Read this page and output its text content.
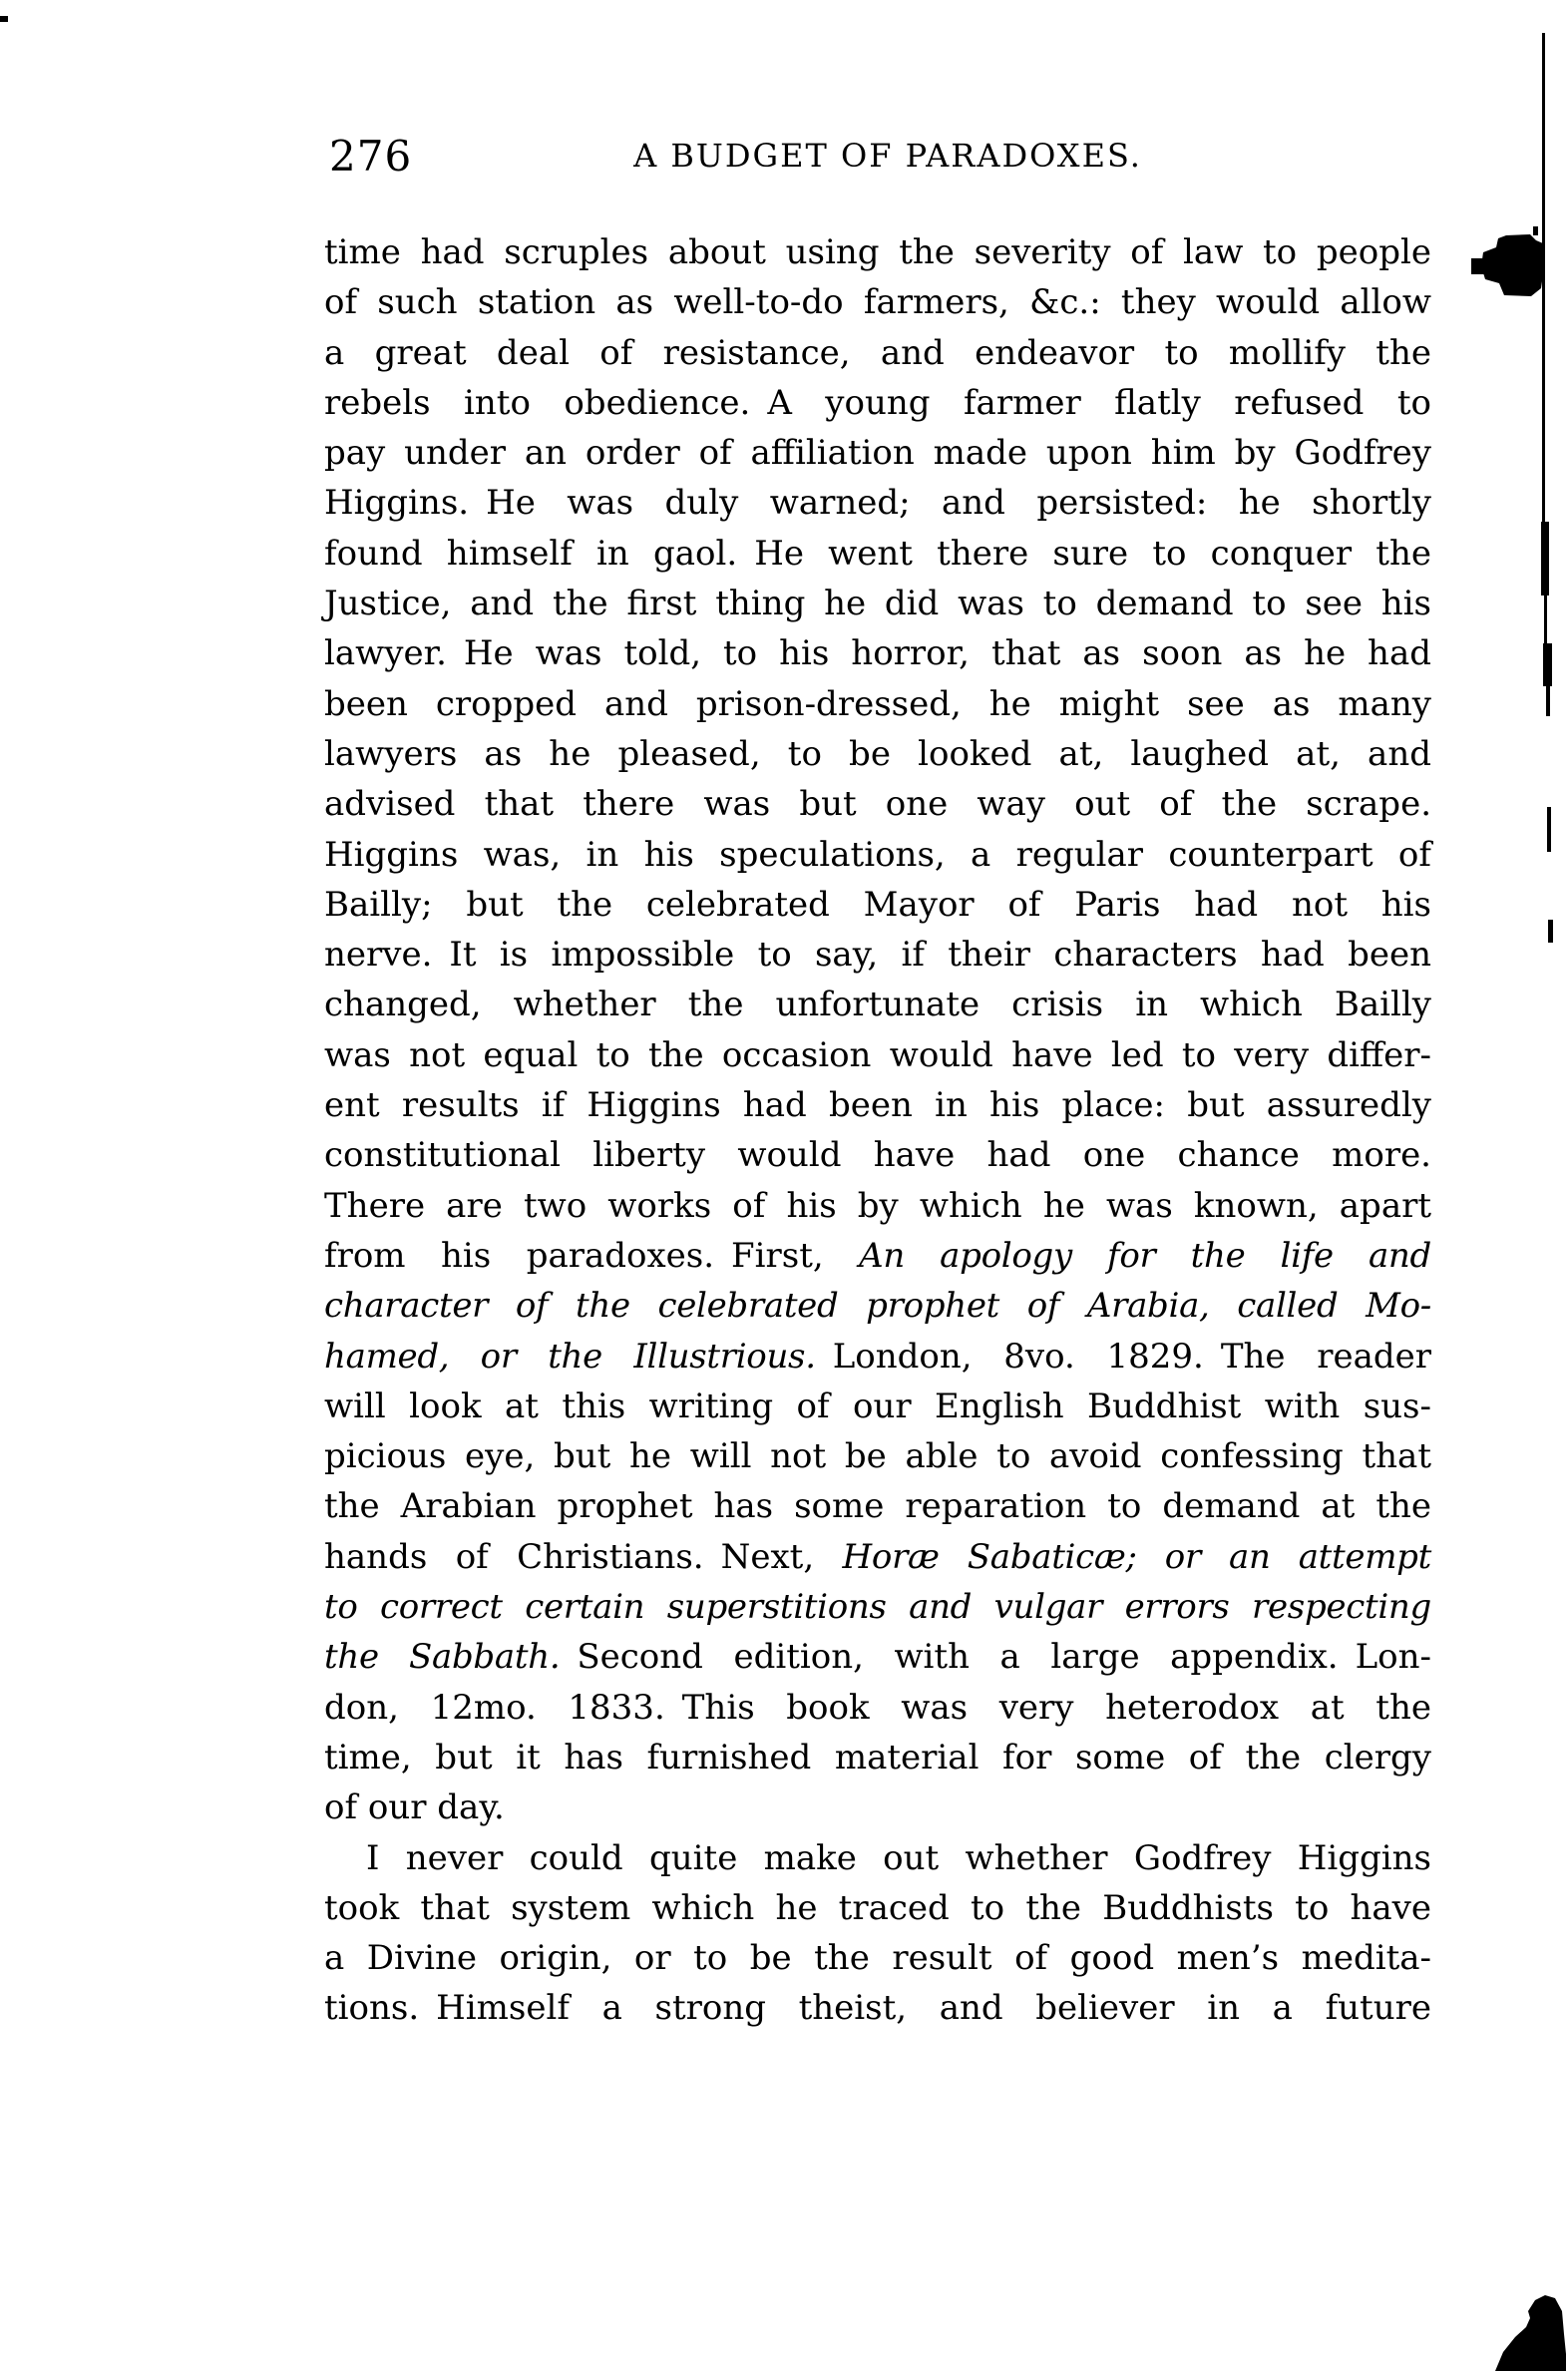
276	A BUDGET OF PARADOXES.
time had scruples about using the severity of law to people
of such station as well-to-do farmers, &c.: they would allow
a great deal of resistance, and endeavor to mollify the
rebels into obedience. A young farmer flatly refused to
pay under an order of affiliation made upon him by Godfrey
Higgins. He was duly warned; and persisted: he shortly
found himself in gaol. He went there sure to conquer the
Justice, and the first thing he did was to demand to see his
lawyer. He was told, to his horror, that as soon as he had
been cropped and prison-dressed, he might see as many
lawyers as he pleased, to be looked at, laughed at, and
advised that there was but one way out of the scrape.
Higgins was, in his speculations, a regular counterpart of
Bailly; but the celebrated Mayor of Paris had not his
nerve. It is impossible to say, if their characters had been
changed, whether the unfortunate crisis in which Bailly
was not equal to the occasion would have led to very differ-
ent results if Higgins had been in his place: but assuredly
constitutional liberty would have had one chance more.
There are two works of his by which he was known, apart
from his paradoxes. First, An apology for the life and
character of the celebrated prophet of Arabia, called Mo-
hamed, or the Illustrious. London, 8vo. 1829. The reader
will look at this writing of our English Buddhist with sus-
picious eye, but he will not be able to avoid confessing that
the Arabian prophet has some reparation to demand at the
hands of Christians. Next, Horæ Sabaticæ; or an attempt
to correct certain superstitions and vulgar errors respecting
the Sabbath. Second edition, with a large appendix. Lon-
don, 12mo. 1833. This book was very heterodox at the
time, but it has furnished material for some of the clergy
of our day.
I never could quite make out whether Godfrey Higgins
took that system which he traced to the Buddhists to have
a Divine origin, or to be the result of good men’s medita-
tions. Himself a strong theist, and believer in a future
